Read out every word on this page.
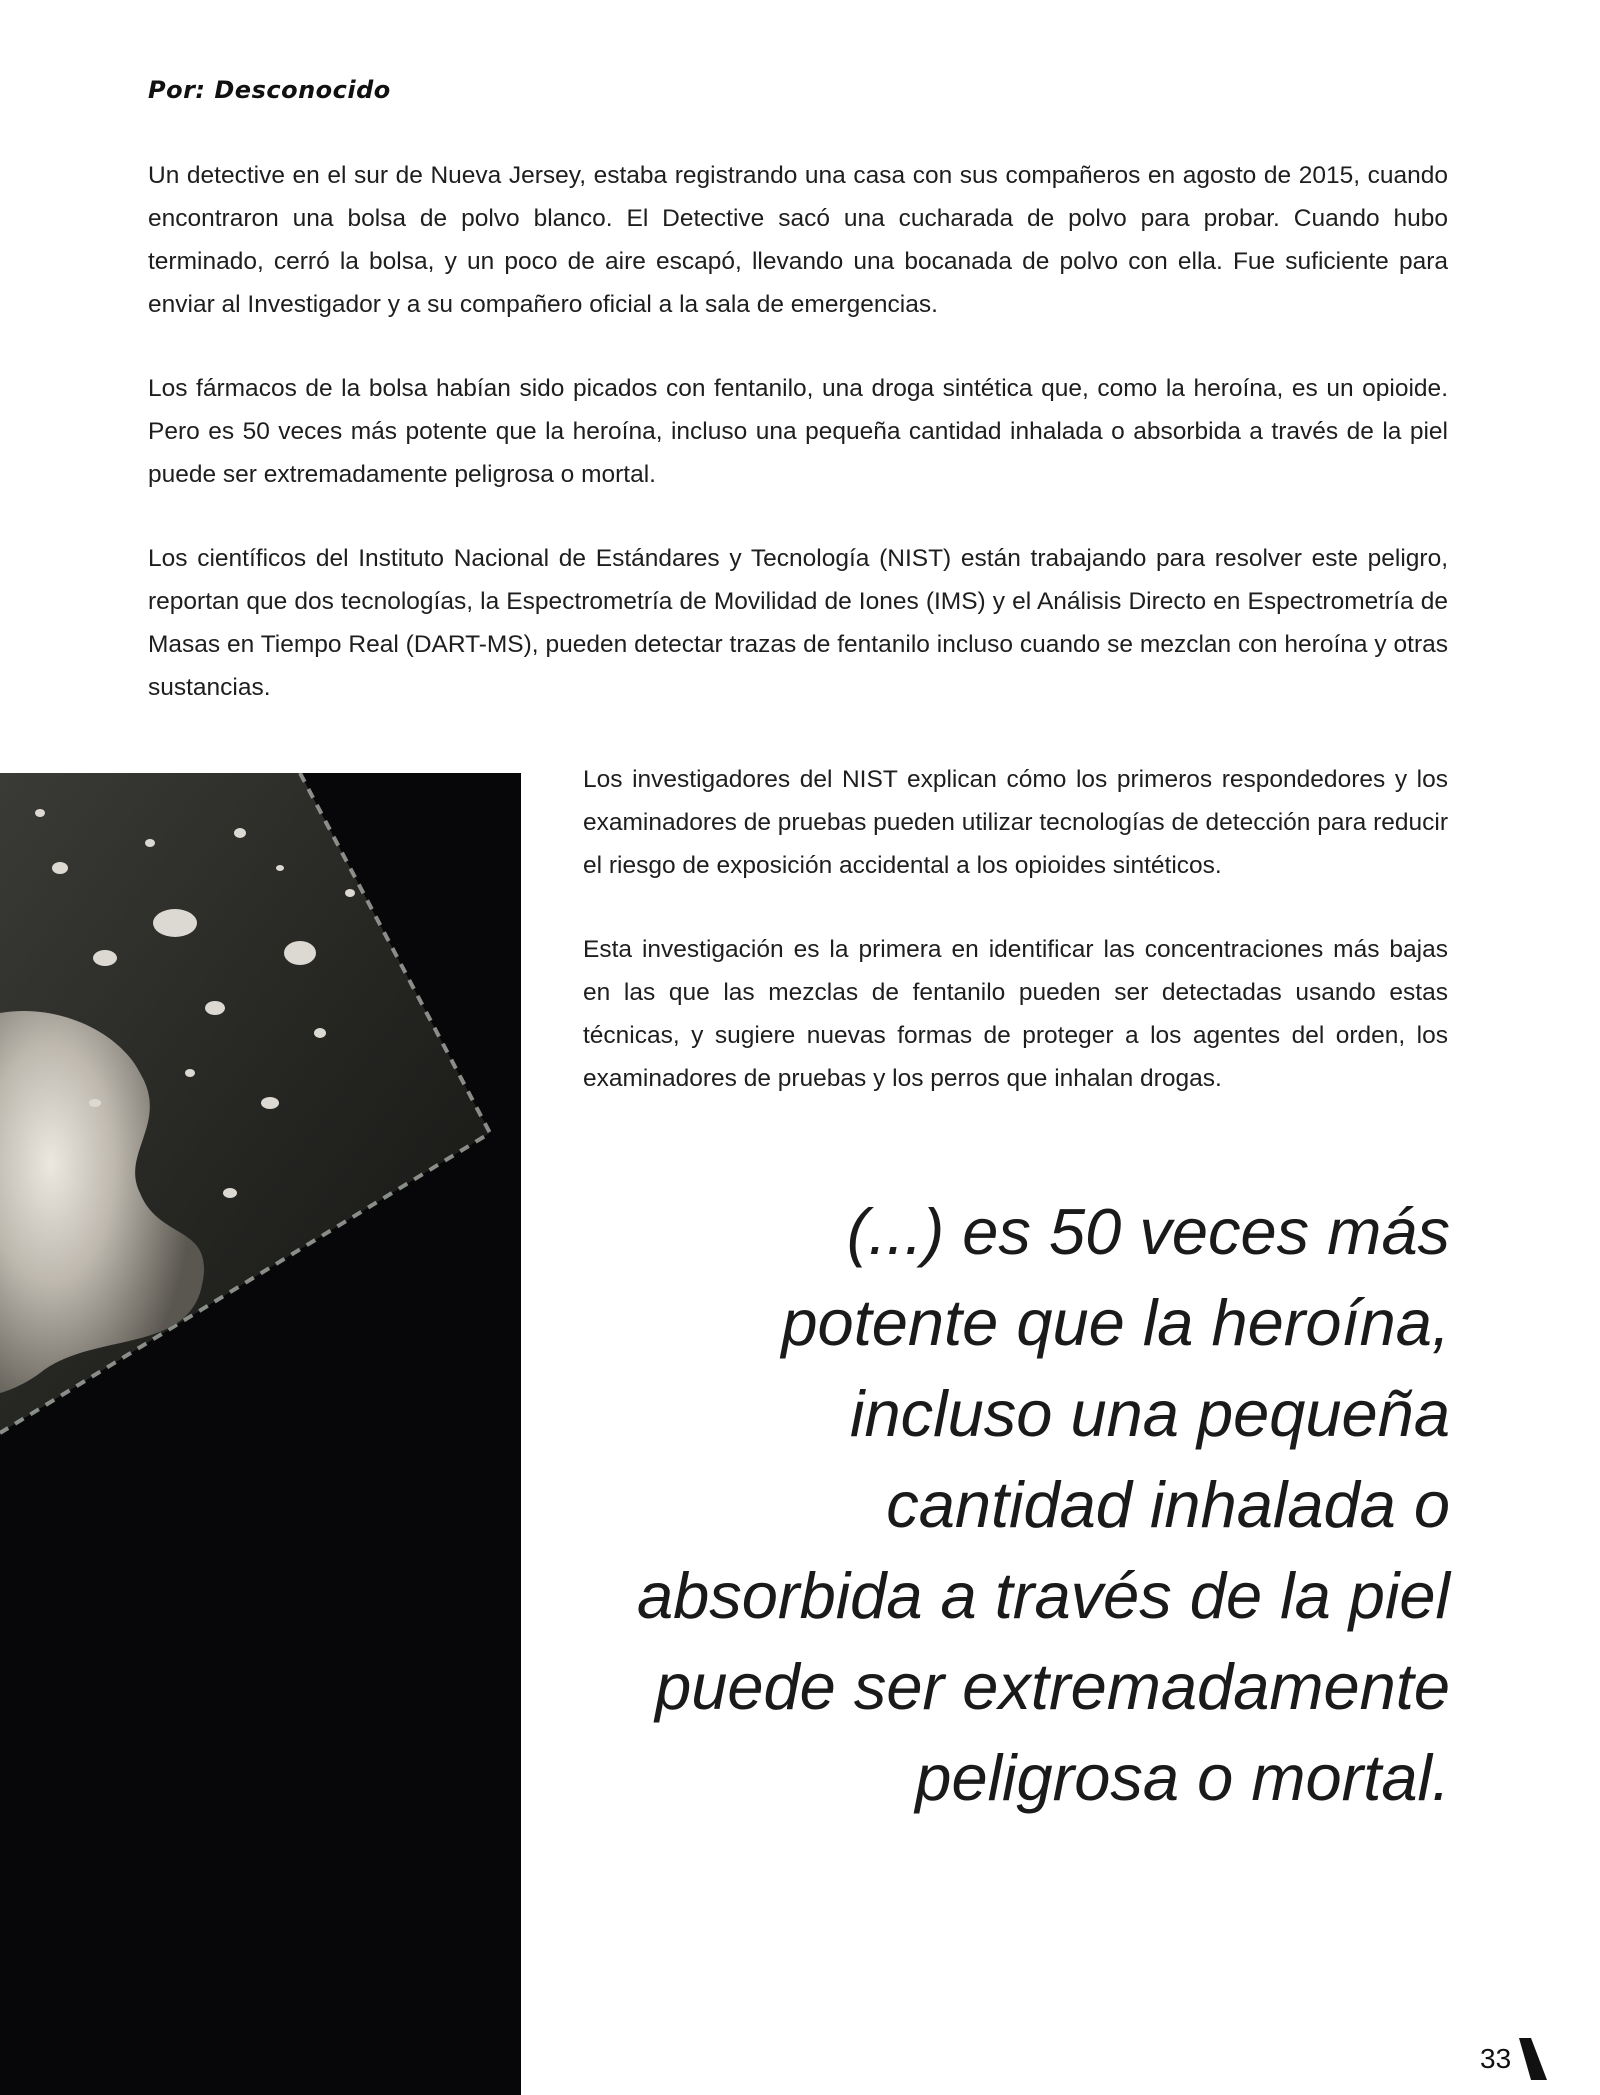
Por: Desconocido

Un detective en el sur de Nueva Jersey, estaba registrando una casa con sus compañeros en agosto de 2015, cuando encontraron una bolsa de polvo blanco. El Detective sacó una cucharada de polvo para probar. Cuando hubo terminado, cerró la bolsa, y un poco de aire escapó, llevando una bocanada de polvo con ella. Fue suficiente para enviar al Investigador y a su compañero oficial a la sala de emergencias.

Los fármacos de la bolsa habían sido picados con fentanilo, una droga sintética que, como la heroína, es un opioide. Pero es 50 veces más potente que la heroína, incluso una pequeña cantidad inhalada o absorbida a través de la piel puede ser extremadamente peligrosa o mortal.

Los científicos del Instituto Nacional de Estándares y Tecnología (NIST) están trabajando para resolver este peligro, reportan que dos tecnologías, la Espectrometría de Movilidad de Iones (IMS) y el Análisis Directo en Espectrometría de Masas en Tiempo Real (DART-MS), pueden detectar trazas de fentanilo incluso cuando se mezclan con heroína y otras sustancias.

Los investigadores del NIST explican cómo los primeros respondedores y los examinadores de pruebas pueden utilizar tecnologías de detección para reducir el riesgo de exposición accidental a los opioides sintéticos.

Esta investigación es la primera en identificar las concentraciones más bajas en las que las mezclas de fentanilo pueden ser detectadas usando estas técnicas, y sugiere nuevas formas de proteger a los agentes del orden, los examinadores de pruebas y los perros que inhalan drogas.

(...) es 50 veces más
potente que la heroína,
incluso una pequeña
cantidad inhalada o
absorbida a través de la piel
puede ser extremadamente
peligrosa o mortal.
33
